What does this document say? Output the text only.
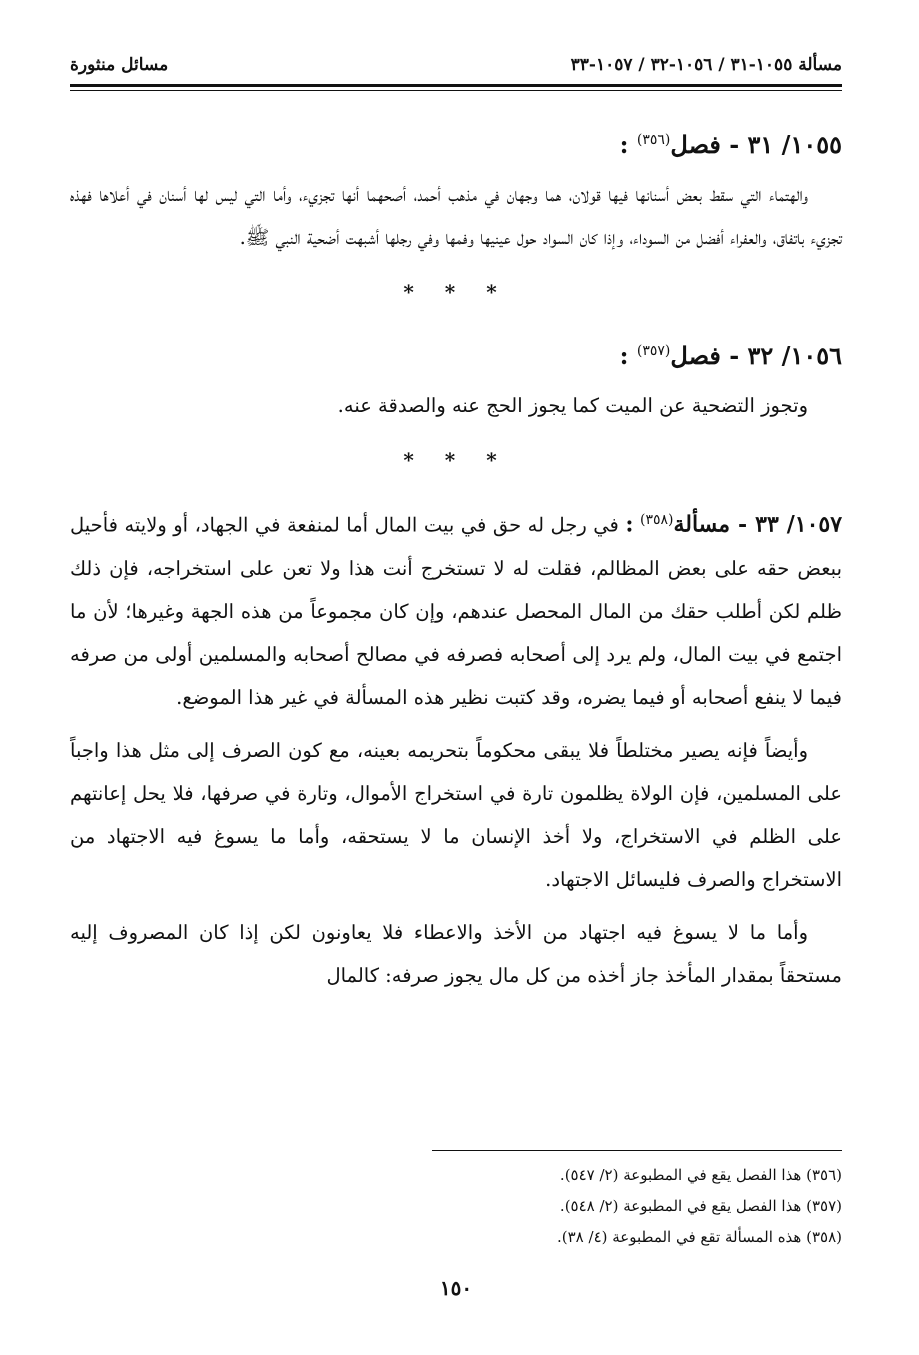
مسألة ١٠٥٥-٣١ / ١٠٥٦-٣٢ / ١٠٥٧-٣٣
مسائل منثورة
١٠٥٥/ ٣١ - فصل$^{(٣٥٦)}$ :

والهتماء التي سقط بعض أسنانها فيها قولان، هما وجهان في مذهب أحمد، أصحهما أنها تجزيء، وأما التي ليس لها أسنان في أعلاها فهذه تجزيء باتفاق، والعفراء أفضل من السوداء، وإذا كان السواد حول عينيها وفمها وفي رجلها أشبهت أضحية النبي ﷺ.

* * *
١٠٥٦/ ٣٢ - فصل$^{(٣٥٧)}$ :

وتجوز التضحية عن الميت كما يجوز الحج عنه والصدقة عنه.

* * *

١٠٥٧/ ٣٣ - مسألة$^{(٣٥٨)}$ : في رجل له حق في بيت المال أما لمنفعة في الجهاد، أو ولايته فأحيل ببعض حقه على بعض المظالم، فقلت له لا تستخرج أنت هذا ولا تعن على استخراجه، فإن ذلك ظلم لكن أطلب حقك من المال المحصل عندهم، وإن كان مجموعاً من هذه الجهة وغيرها؛ لأن ما اجتمع في بيت المال، ولم يرد إلى أصحابه فصرفه في مصالح أصحابه والمسلمين أولى من صرفه فيما لا ينفع أصحابه أو فيما يضره، وقد كتبت نظير هذه المسألة في غير هذا الموضع.

وأيضاً فإنه يصير مختلطاً فلا يبقى محكوماً بتحريمه بعينه، مع كون الصرف إلى مثل هذا واجباً على المسلمين، فإن الولاة يظلمون تارة في استخراج الأموال، وتارة في صرفها، فلا يحل إعانتهم على الظلم في الاستخراج، ولا أخذ الإنسان ما لا يستحقه، وأما ما يسوغ فيه الاجتهاد من الاستخراج والصرف فليسائل الاجتهاد.

وأما ما لا يسوغ فيه اجتهاد من الأخذ والاعطاء فلا يعاونون لكن إذا كان المصروف إليه مستحقاً بمقدار المأخذ جاز أخذه من كل مال يجوز صرفه: كالمال

(٣٥٦) هذا الفصل يقع في المطبوعة (٢/ ٥٤٧).

(٣٥٧) هذا الفصل يقع في المطبوعة (٢/ ٥٤٨).

(٣٥٨) هذه المسألة تقع في المطبوعة (٤/ ٣٨).

١٥٠
